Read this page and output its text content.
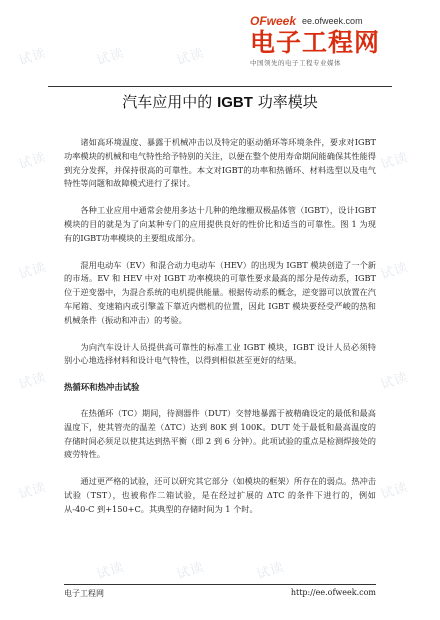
试读	试读	试读
试读	试读
试读	试读
试读	试读
试读	试读
试读	试读	试读
OFweek ee.ofweek.com
电子工程网
中国领先的电子工程专业媒体
汽车应用中的 IGBT 功率模块

诸如高环境温度、暴露于机械冲击以及特定的驱动循环等环境条件，要求对IGBT功率模块的机械和电气特性给予特别的关注，以便在整个使用寿命期间能确保其性能得到充分发挥，并保持很高的可靠性。本文对IGBT的功率和热循环、材料选型以及电气特性等问题和故障模式进行了探讨。

各种工业应用中通常会使用多达十几种的绝缘栅双极晶体管（IGBT），设计IGBT模块的目的就是为了向某种专门的应用提供良好的性价比和适当的可靠性。图 1 为现有的IGBT功率模块的主要组成部分。

混用电动车（EV）和混合动力电动车（HEV）的出现为 IGBT 模块创造了一个新的市场。EV 和 HEV 中对 IGBT 功率模块的可靠性要求最高的部分是传动系，IGBT 位于逆变器中，为混合系统的电机提供能量。根据传动系的概念，逆变器可以放置在汽车尾箱、变速箱内或引擎盖下靠近内燃机的位置，因此 IGBT 模块要经受严峻的热和机械条件（振动和冲击）的考验。

为向汽车设计人员提供高可靠性的标准工业 IGBT 模块，IGBT 设计人员必须特别小心地选择材料和设计电气特性，以得到相似甚至更好的结果。

热循环和热冲击试验

在热循环（TC）期间，待测器件（DUT）交替地暴露于被精确设定的最低和最高温度下，使其管壳的温差（ΔTC）达到 80K 到 100K。DUT 处于最低和最高温度的存储时间必须足以使其达到热平衡（即 2 到 6 分钟）。此项试验的重点是检测焊接处的疲劳特性。

通过更严格的试验，还可以研究其它部分（如模块的框架）所存在的弱点。热冲击试验（TST），也被称作二箱试验，是在经过扩展的 ΔTC 的条件下进行的，例如从-40-C 到+150+C。其典型的存储时间为 1 个时。

电子工程网	http://ee.ofweek.com
